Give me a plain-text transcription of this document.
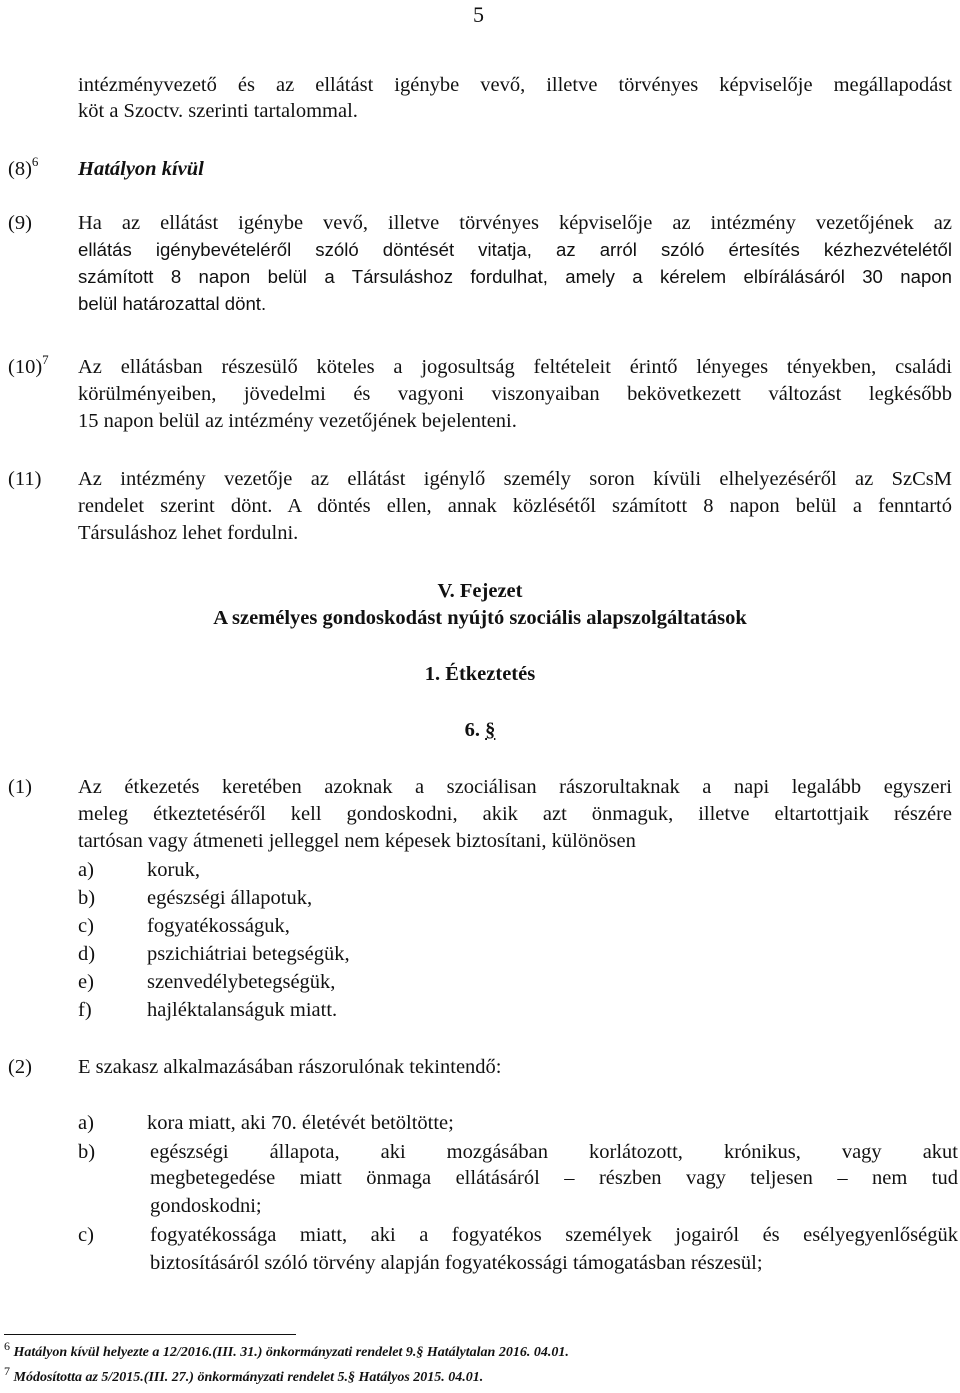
5
intézményvezető és az ellátást igénybe vevő, illetve törvényes képviselője megállapodást
köt a Szoctv. szerinti tartalommal.
$(8)^6$ Hatályon kívül
(9) Ha az ellátást igénybe vevő, illetve törvényes képviselője az intézmény vezetőjének az
ellátás igénybevételéről szóló döntését vitatja, az arról szóló értesítés kézhezvételétől
számított 8 napon belül a Társuláshoz fordulhat, amely a kérelem elbírálásáról 30 napon
belül határozattal dönt.
$(10)^7$ Az ellátásban részesülő köteles a jogosultság feltételeit érintő lényeges tényekben, családi
körülményeiben, jövedelmi és vagyoni viszonyaiban bekövetkezett változást legkésőbb
15 napon belül az intézmény vezetőjének bejelenteni.
(11) Az intézmény vezetője az ellátást igénylő személy soron kívüli elhelyezéséről az SzCsM
rendelet szerint dönt. A döntés ellen, annak közlésétől számított 8 napon belül a fenntartó
Társuláshoz lehet fordulni.
V. Fejezet
A személyes gondoskodást nyújtó szociális alapszolgáltatások
1. Étkeztetés
6. §
(1) Az étkezetés keretében azoknak a szociálisan rászorultaknak a napi legalább egyszeri
meleg étkeztetéséről kell gondoskodni, akik azt önmaguk, illetve eltartottjaik részére
tartósan vagy átmeneti jelleggel nem képesek biztosítani, különösen
a)	koruk,
b)	egészségi állapotuk,
c)	fogyatékosságuk,
d)	pszichiátriai betegségük,
e)	szenvedélybetegségük,
f)	hajléktalanságuk miatt.
(2) E szakasz alkalmazásában rászorulónak tekintendő:
a)	kora miatt, aki 70. életévét betöltötte;
b)	egészségi állapota, aki mozgásában korlátozott, krónikus, vagy akut
megbetegedése miatt önmaga ellátásáról – részben vagy teljesen – nem tud
gondoskodni;
c)	fogyatékossága miatt, aki a fogyatékos személyek jogairól és esélyegyenlőségük
biztosításáról szóló törvény alapján fogyatékossági támogatásban részesül;
$^6$ Hatályon kívül helyezte a 12/2016.(III. 31.) önkormányzati rendelet 9.§ Hatálytalan 2016. 04.01.
$^7$ Módosította az 5/2015.(III. 27.) önkormányzati rendelet 5.§ Hatályos 2015. 04.01.
